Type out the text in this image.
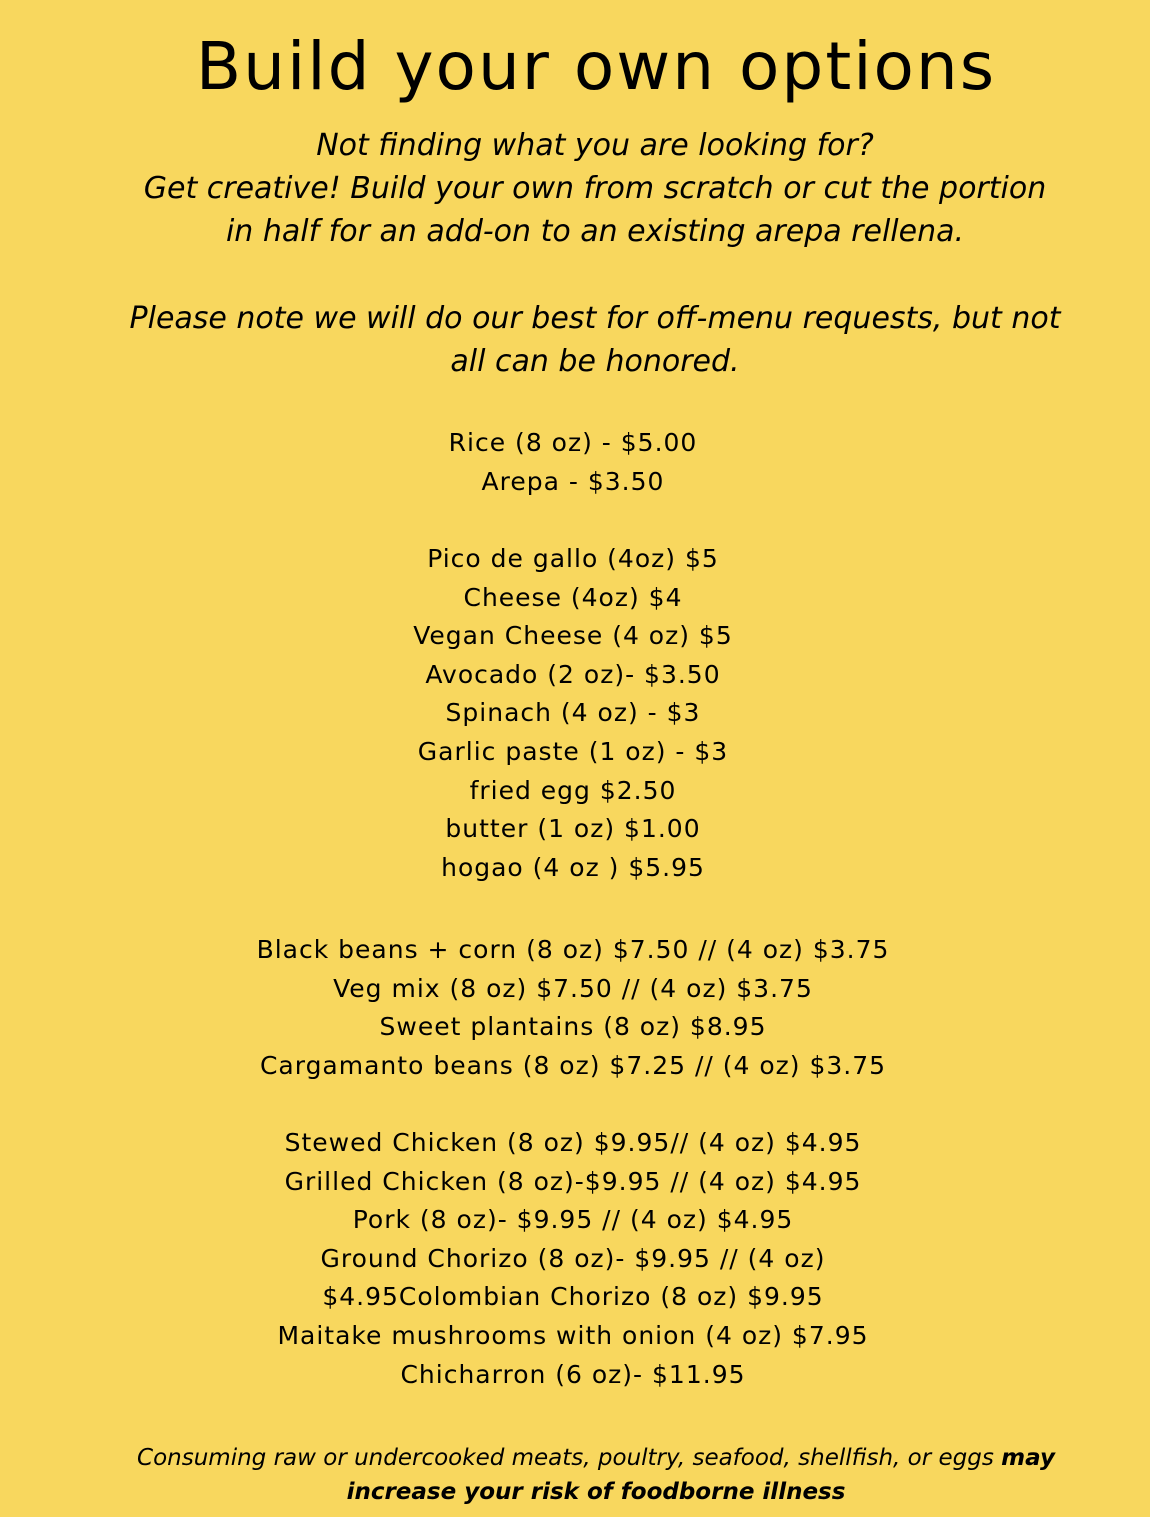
Build your own options
Not finding what you are looking for?
Get creative! Build your own from scratch or cut the portion
in half for an add-on to an existing arepa rellena.
Please note we will do our best for off-menu requests, but not
all can be honored.
Rice (8 oz) - $5.00
Arepa - $3.50
Pico de gallo (4oz) $5
Cheese (4oz) $4
Vegan Cheese (4 oz) $5
Avocado (2 oz)- $3.50
Spinach (4 oz) - $3
Garlic paste (1 oz) - $3
fried egg $2.50
butter (1 oz) $1.00
hogao (4 oz ) $5.95
Black beans + corn (8 oz) $7.50 // (4 oz) $3.75
Veg mix (8 oz) $7.50 // (4 oz) $3.75
Sweet plantains (8 oz) $8.95
Cargamanto beans (8 oz) $7.25 // (4 oz) $3.75
Stewed Chicken (8 oz) $9.95// (4 oz) $4.95
Grilled Chicken (8 oz)-$9.95 // (4 oz) $4.95
Pork (8 oz)- $9.95 // (4 oz) $4.95
Ground Chorizo (8 oz)- $9.95 // (4 oz)
$4.95Colombian Chorizo (8 oz) $9.95
Maitake mushrooms with onion (4 oz) $7.95
Chicharron (6 oz)- $11.95
Consuming raw or undercooked meats, poultry, seafood, shellfish, or eggs may
increase your risk of foodborne illness
